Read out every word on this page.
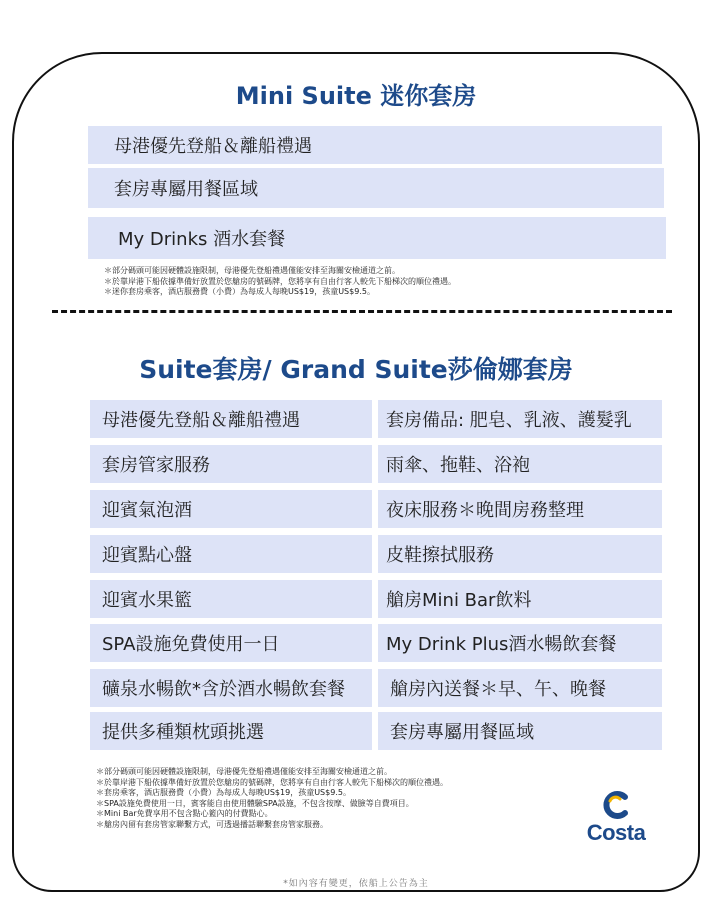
Mini Suite 迷你套房
母港優先登船＆離船禮遇
套房專屬用餐區域
My Drinks 酒水套餐
＊部分碼頭可能因硬體設施限制，母港優先登船禮遇僅能安排至海關安檢通道之前。
＊於靠岸港下船依據準備好放置於您艙房的號碼牌，您將享有自由行客人較先下船梯次的順位禮遇。
＊迷你套房乘客，酒店服務費（小費）為每成人每晚US$19，孩童US$9.5。
Suite套房/ Grand Suite莎倫娜套房
母港優先登船＆離船禮遇
套房管家服務
迎賓氣泡酒
迎賓點心盤
迎賓水果籃
SPA設施免費使用一日
礦泉水暢飲*含於酒水暢飲套餐
提供多種類枕頭挑選
套房備品: 肥皂、乳液、護髮乳
雨傘、拖鞋、浴袍
夜床服務＊晚間房務整理
皮鞋擦拭服務
艙房Mini Bar飲料
My Drink Plus酒水暢飲套餐
艙房內送餐＊早、午、晚餐
套房專屬用餐區域
＊部分碼頭可能因硬體設施限制，母港優先登船禮遇僅能安排至海關安檢通道之前。
＊於靠岸港下船依據準備好放置於您艙房的號碼牌，您將享有自由行客人較先下船梯次的順位禮遇。
＊套房乘客，酒店服務費（小費）為每成人每晚US$19，孩童US$9.5。
＊SPA設施免費使用一日，賓客能自由使用體驗SPA設施，不包含按摩、做臉等自費項目。
＊Mini Bar免費享用不包含點心籃內的付費點心。
＊艙房內留有套房管家聯繫方式，可透過播話聯繫套房管家服務。	Costa
*如內容有變更，依船上公告為主
